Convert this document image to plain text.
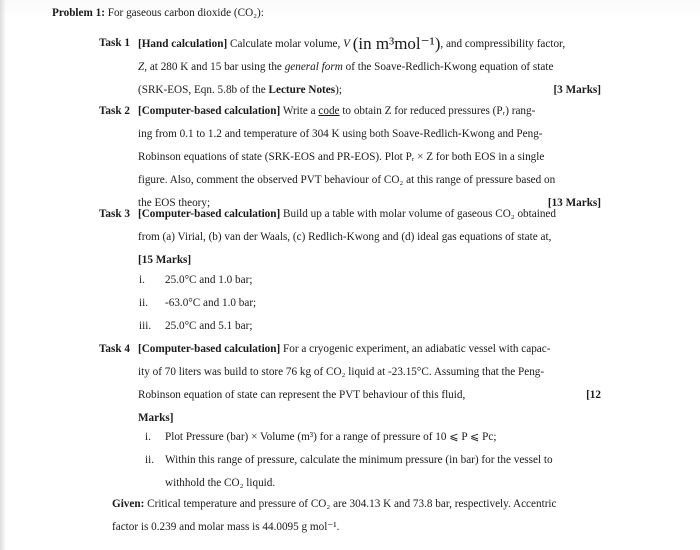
Problem 1: For gaseous carbon dioxide (CO₂):
Task 1 [Hand calculation] Calculate molar volume, V (in m³mol⁻¹), and compressibility factor,
Z, at 280 K and 15 bar using the general form of the Soave-Redlich-Kwong equation of state
(SRK-EOS, Eqn. 5.8b of the Lecture Notes);	[3 Marks]
Task 2 [Computer-based calculation] Write a code to obtain Z for reduced pressures (Pᵣ) rang-
ing from 0.1 to 1.2 and temperature of 304 K using both Soave-Redlich-Kwong and Peng-
Robinson equations of state (SRK-EOS and PR-EOS). Plot Pᵣ × Z for both EOS in a single
figure. Also, comment the observed PVT behaviour of CO₂ at this range of pressure based on
the EOS theory;	[13 Marks]
Task 3 [Computer-based calculation] Build up a table with molar volume of gaseous CO₂ obtained
from (a) Virial, (b) van der Waals, (c) Redlich-Kwong and (d) ideal gas equations of state at,
[15 Marks]
i. 25.0°C and 1.0 bar;
ii. -63.0°C and 1.0 bar;
iii. 25.0°C and 5.1 bar;
Task 4 [Computer-based calculation] For a cryogenic experiment, an adiabatic vessel with capac-
ity of 70 liters was build to store 76 kg of CO₂ liquid at -23.15°C. Assuming that the Peng-
Robinson equation of state can represent the PVT behaviour of this fluid,	[12
Marks]
i. Plot Pressure (bar) × Volume (m³) for a range of pressure of 10 ⩽ P ⩽ Pc;
ii. Within this range of pressure, calculate the minimum pressure (in bar) for the vessel to
withhold the CO₂ liquid.
Given: Critical temperature and pressure of CO₂ are 304.13 K and 73.8 bar, respectively. Accentric
factor is 0.239 and molar mass is 44.0095 g mol⁻¹.
